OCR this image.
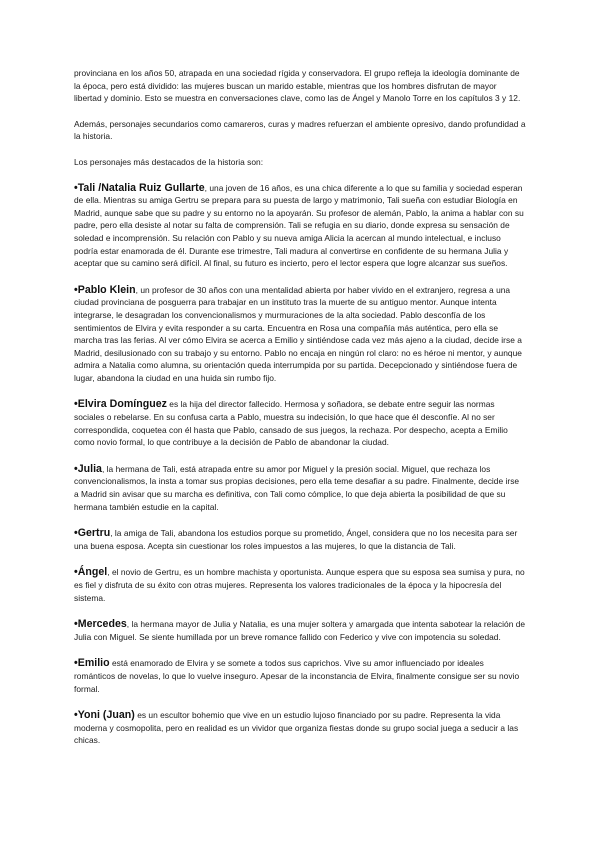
provinciana en los años 50, atrapada en una sociedad rígida y conservadora. El grupo refleja la ideología dominante de la época, pero está dividido: las mujeres buscan un marido estable, mientras que los hombres disfrutan de mayor libertad y dominio. Esto se muestra en conversaciones clave, como las de Ángel y Manolo Torre en los capítulos 3 y 12.

Además, personajes secundarios como camareros, curas y madres refuerzan el ambiente opresivo, dando profundidad a la historia.

Los personajes más destacados de la historia son:

•Tali /Natalia Ruiz Gullarte, una joven de 16 años, es una chica diferente a lo que su familia y sociedad esperan de ella. Mientras su amiga Gertru se prepara para su puesta de largo y matrimonio, Tali sueña con estudiar Biología en Madrid, aunque sabe que su padre y su entorno no la apoyarán. Su profesor de alemán, Pablo, la anima a hablar con su padre, pero ella desiste al notar su falta de comprensión. Tali se refugia en su diario, donde expresa su sensación de soledad e incomprensión. Su relación con Pablo y su nueva amiga Alicia la acercan al mundo intelectual, e incluso podría estar enamorada de él. Durante ese trimestre, Tali madura al convertirse en confidente de su hermana Julia y aceptar que su camino será difícil. Al final, su futuro es incierto, pero el lector espera que logre alcanzar sus sueños.

•Pablo Klein, un profesor de 30 años con una mentalidad abierta por haber vivido en el extranjero, regresa a una ciudad provinciana de posguerra para trabajar en un instituto tras la muerte de su antiguo mentor. Aunque intenta integrarse, le desagradan los convencionalismos y murmuraciones de la alta sociedad. Pablo desconfía de los sentimientos de Elvira y evita responder a su carta. Encuentra en Rosa una compañía más auténtica, pero ella se marcha tras las ferias. Al ver cómo Elvira se acerca a Emilio y sintiéndose cada vez más ajeno a la ciudad, decide irse a Madrid, desilusionado con su trabajo y su entorno. Pablo no encaja en ningún rol claro: no es héroe ni mentor, y aunque admira a Natalia como alumna, su orientación queda interrumpida por su partida. Decepcionado y sintiéndose fuera de lugar, abandona la ciudad en una huida sin rumbo fijo.

•Elvira Domínguez es la hija del director fallecido. Hermosa y soñadora, se debate entre seguir las normas sociales o rebelarse. En su confusa carta a Pablo, muestra su indecisión, lo que hace que él desconfíe. Al no ser correspondida, coquetea con él hasta que Pablo, cansado de sus juegos, la rechaza. Por despecho, acepta a Emilio como novio formal, lo que contribuye a la decisión de Pablo de abandonar la ciudad.

•Julia, la hermana de Tali, está atrapada entre su amor por Miguel y la presión social. Miguel, que rechaza los convencionalismos, la insta a tomar sus propias decisiones, pero ella teme desafiar a su padre. Finalmente, decide irse a Madrid sin avisar que su marcha es definitiva, con Tali como cómplice, lo que deja abierta la posibilidad de que su hermana también estudie en la capital.

•Gertru, la amiga de Tali, abandona los estudios porque su prometido, Ángel, considera que no los necesita para ser una buena esposa. Acepta sin cuestionar los roles impuestos a las mujeres, lo que la distancia de Tali.

•Ángel, el novio de Gertru, es un hombre machista y oportunista. Aunque espera que su esposa sea sumisa y pura, no es fiel y disfruta de su éxito con otras mujeres. Representa los valores tradicionales de la época y la hipocresía del sistema.

•Mercedes, la hermana mayor de Julia y Natalia, es una mujer soltera y amargada que intenta sabotear la relación de Julia con Miguel. Se siente humillada por un breve romance fallido con Federico y vive con impotencia su soledad.

•Emilio está enamorado de Elvira y se somete a todos sus caprichos. Vive su amor influenciado por ideales románticos de novelas, lo que lo vuelve inseguro. Apesar de la inconstancia de Elvira, finalmente consigue ser su novio formal.

•Yoni (Juan) es un escultor bohemio que vive en un estudio lujoso financiado por su padre. Representa la vida moderna y cosmopolita, pero en realidad es un vividor que organiza fiestas donde su grupo social juega a seducir a las chicas.
